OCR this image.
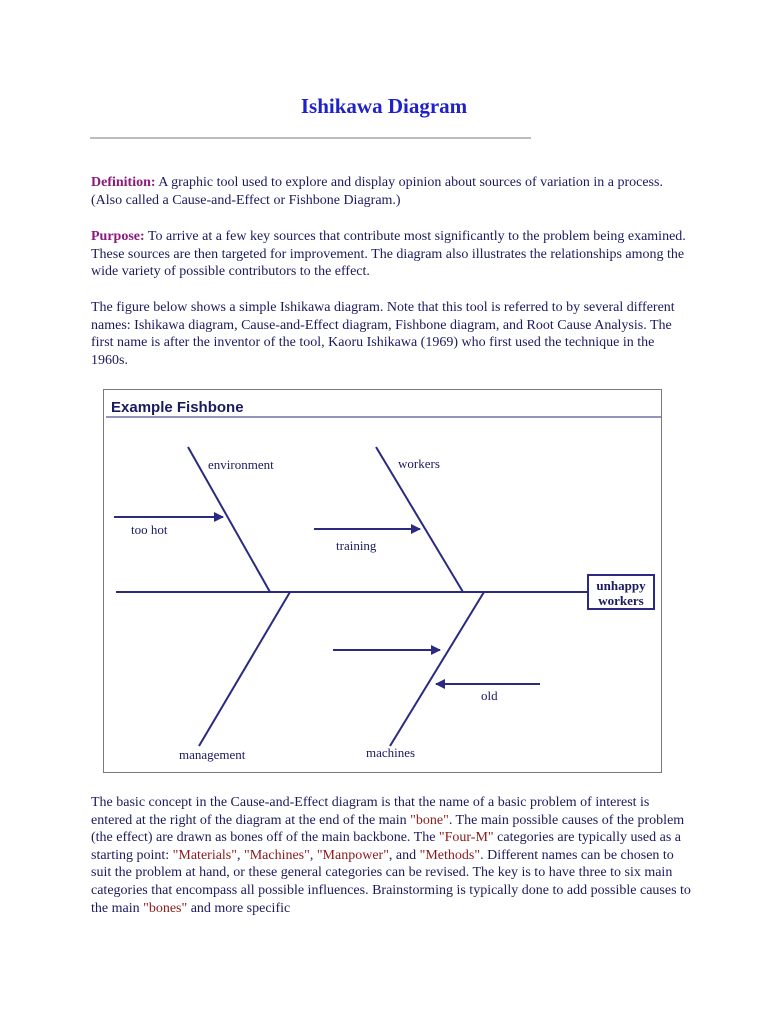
Ishikawa Diagram

Definition: A graphic tool used to explore and display opinion about sources of variation in a process. (Also called a Cause-and-Effect or Fishbone Diagram.)

Purpose: To arrive at a few key sources that contribute most significantly to the problem being examined. These sources are then targeted for improvement. The diagram also illustrates the relationships among the wide variety of possible contributors to the effect.

The figure below shows a simple Ishikawa diagram. Note that this tool is referred to by several different names: Ishikawa diagram, Cause-and-Effect diagram, Fishbone diagram, and Root Cause Analysis. The first name is after the inventor of the tool, Kaoru Ishikawa (1969) who first used the technique in the 1960s.

Example Fishbone
environment	workers
too hot
training
management	machines
old
unhappy
workers

The basic concept in the Cause-and-Effect diagram is that the name of a basic problem of interest is entered at the right of the diagram at the end of the main "bone". The main possible causes of the problem (the effect) are drawn as bones off of the main backbone. The "Four-M" categories are typically used as a starting point: "Materials", "Machines", "Manpower", and "Methods". Different names can be chosen to suit the problem at hand, or these general categories can be revised. The key is to have three to six main categories that encompass all possible influences. Brainstorming is typically done to add possible causes to the main "bones" and more specific
